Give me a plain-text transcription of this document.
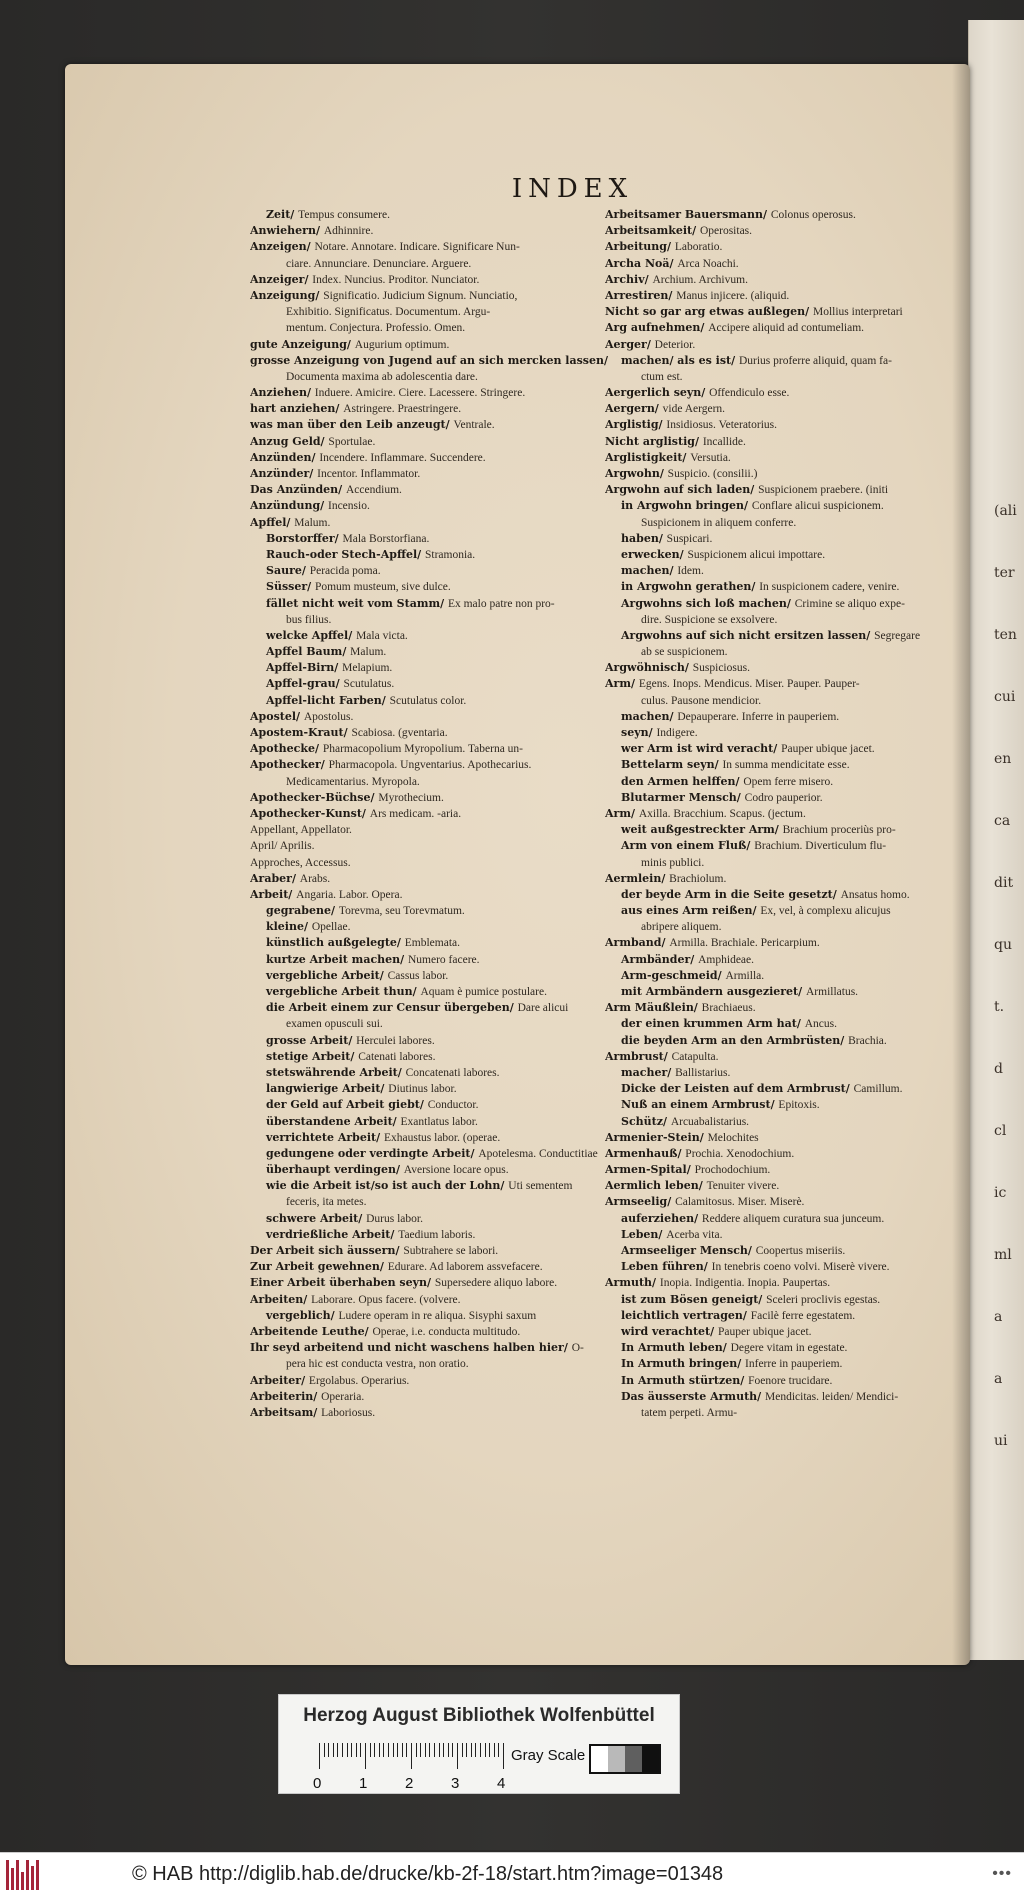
(ali
ter
ten
cui
en
ca
dit
qu
t.
d
cl
ic
ml
a
a
ui
INDEX
Zeit/ Tempus consumere.
Anwiehern/ Adhinnire.
Anzeigen/ Notare. Annotare. Indicare. Significare Nun-
ciare. Annunciare. Denunciare. Arguere.
Anzeiger/ Index. Nuncius. Proditor. Nunciator.
Anzeigung/ Significatio. Judicium Signum. Nunciatio,
Exhibitio. Significatus. Documentum. Argu-
mentum. Conjectura. Professio. Omen.
gute Anzeigung/ Augurium optimum.
grosse Anzeigung von Jugend auf an sich mercken lassen/
Documenta maxima ab adolescentia dare.
Anziehen/ Induere. Amicire. Ciere. Lacessere. Stringere.
hart anziehen/ Astringere. Praestringere.
was man über den Leib anzeugt/ Ventrale.
Anzug Geld/ Sportulae.
Anzünden/ Incendere. Inflammare. Succendere.
Anzünder/ Incentor. Inflammator.
Das Anzünden/ Accendium.
Anzündung/ Incensio.
Apffel/ Malum.
Borstorffer/ Mala Borstorfiana.
Rauch-oder Stech-Apffel/ Stramonia.
Saure/ Peracida poma.
Süsser/ Pomum musteum, sive dulce.
fället nicht weit vom Stamm/ Ex malo patre non pro-
bus filius.
welcke Apffel/ Mala victa.
Apffel Baum/ Malum.
Apffel-Birn/ Melapium.
Apffel-grau/ Scutulatus.
Apffel-licht Farben/ Scutulatus color.
Apostel/ Apostolus.
Apostem-Kraut/ Scabiosa. (gventaria.
Apothecke/ Pharmacopolium Myropolium. Taberna un-
Apothecker/ Pharmacopola. Ungventarius. Apothecarius.
Medicamentarius. Myropola.
Apothecker-Büchse/ Myrothecium.
Apothecker-Kunst/ Ars medicam. -aria.
Appellant, Appellator.
April/ Aprilis.
Approches, Accessus.
Araber/ Arabs.
Arbeit/ Angaria. Labor. Opera.
gegrabene/ Torevma, seu Torevmatum.
kleine/ Opellae.
künstlich außgelegte/ Emblemata.
kurtze Arbeit machen/ Numero facere.
vergebliche Arbeit/ Cassus labor.
vergebliche Arbeit thun/ Aquam è pumice postulare.
die Arbeit einem zur Censur übergeben/ Dare alicui
examen opusculi sui.
grosse Arbeit/ Herculei labores.
stetige Arbeit/ Catenati labores.
stetswährende Arbeit/ Concatenati labores.
langwierige Arbeit/ Diutinus labor.
der Geld auf Arbeit giebt/ Conductor.
überstandene Arbeit/ Exantlatus labor.
verrichtete Arbeit/ Exhaustus labor. (operae.
gedungene oder verdingte Arbeit/ Apotelesma. Conductitiae
überhaupt verdingen/ Aversione locare opus.
wie die Arbeit ist/so ist auch der Lohn/ Uti sementem
feceris, ita metes.
schwere Arbeit/ Durus labor.
verdrießliche Arbeit/ Taedium laboris.
Der Arbeit sich äussern/ Subtrahere se labori.
Zur Arbeit gewehnen/ Edurare. Ad laborem assvefacere.
Einer Arbeit überhaben seyn/ Supersedere aliquo labore.
Arbeiten/ Laborare. Opus facere. (volvere.
vergeblich/ Ludere operam in re aliqua. Sisyphi saxum
Arbeitende Leuthe/ Operae, i.e. conducta multitudo.
Ihr seyd arbeitend und nicht waschens halben hier/ O-
pera hic est conducta vestra, non oratio.
Arbeiter/ Ergolabus. Operarius.
Arbeiterin/ Operaria.
Arbeitsam/ Laboriosus.
Arbeitsamer Bauersmann/ Colonus operosus.
Arbeitsamkeit/ Operositas.
Arbeitung/ Laboratio.
Archa Noä/ Arca Noachi.
Archiv/ Archium. Archivum.
Arrestiren/ Manus injicere. (aliquid.
Nicht so gar arg etwas außlegen/ Mollius interpretari
Arg aufnehmen/ Accipere aliquid ad contumeliam.
Aerger/ Deterior.
machen/ als es ist/ Durius proferre aliquid, quam fa-
ctum est.
Aergerlich seyn/ Offendiculo esse.
Aergern/ vide Aergern.
Arglistig/ Insidiosus. Veteratorius.
Nicht arglistig/ Incallide.
Arglistigkeit/ Versutia.
Argwohn/ Suspicio. (consilii.)
Argwohn auf sich laden/ Suspicionem praebere. (initi
in Argwohn bringen/ Conflare alicui suspicionem.
Suspicionem in aliquem conferre.
haben/ Suspicari.
erwecken/ Suspicionem alicui impottare.
machen/ Idem.
in Argwohn gerathen/ In suspicionem cadere, venire.
Argwohns sich loß machen/ Crimine se aliquo expe-
dire. Suspicione se exsolvere.
Argwohns auf sich nicht ersitzen lassen/ Segregare
ab se suspicionem.
Argwöhnisch/ Suspiciosus.
Arm/ Egens. Inops. Mendicus. Miser. Pauper. Pauper-
culus. Pausone mendicior.
machen/ Depauperare. Inferre in pauperiem.
seyn/ Indigere.
wer Arm ist wird veracht/ Pauper ubique jacet.
Bettelarm seyn/ In summa mendicitate esse.
den Armen helffen/ Opem ferre misero.
Blutarmer Mensch/ Codro pauperior.
Arm/ Axilla. Bracchium. Scapus. (jectum.
weit außgestreckter Arm/ Brachium proceriùs pro-
Arm von einem Fluß/ Brachium. Diverticulum flu-
minis publici.
Aermlein/ Brachiolum.
der beyde Arm in die Seite gesetzt/ Ansatus homo.
aus eines Arm reißen/ Ex, vel, à complexu alicujus
abripere aliquem.
Armband/ Armilla. Brachiale. Pericarpium.
Armbänder/ Amphideae.
Arm-geschmeid/ Armilla.
mit Armbändern ausgezieret/ Armillatus.
Arm Mäußlein/ Brachiaeus.
der einen krummen Arm hat/ Ancus.
die beyden Arm an den Armbrüsten/ Brachia.
Armbrust/ Catapulta.
macher/ Ballistarius.
Dicke der Leisten auf dem Armbrust/ Camillum.
Nuß an einem Armbrust/ Epitoxis.
Schütz/ Arcuabalistarius.
Armenier-Stein/ Melochites
Armenhauß/ Prochia. Xenodochium.
Armen-Spital/ Prochodochium.
Aermlich leben/ Tenuiter vivere.
Armseelig/ Calamitosus. Miser. Miserè.
auferziehen/ Reddere aliquem curatura sua junceum.
Leben/ Acerba vita.
Armseeliger Mensch/ Coopertus miseriis.
Leben führen/ In tenebris coeno volvi. Miserè vivere.
Armuth/ Inopia. Indigentia. Inopia. Paupertas.
ist zum Bösen geneigt/ Sceleri proclivis egestas.
leichtlich vertragen/ Facilè ferre egestatem.
wird verachtet/ Pauper ubique jacet.
In Armuth leben/ Degere vitam in egestate.
In Armuth bringen/ Inferre in pauperiem.
In Armuth stürtzen/ Foenore trucidare.
Das äusserste Armuth/ Mendicitas. leiden/ Mendici-
tatem perpeti. Armu-
Herzog August Bibliothek Wolfenbüttel
0	1	2	3	4
Gray Scale
© HAB http://diglib.hab.de/drucke/kb-2f-18/start.htm?image=01348	•••
